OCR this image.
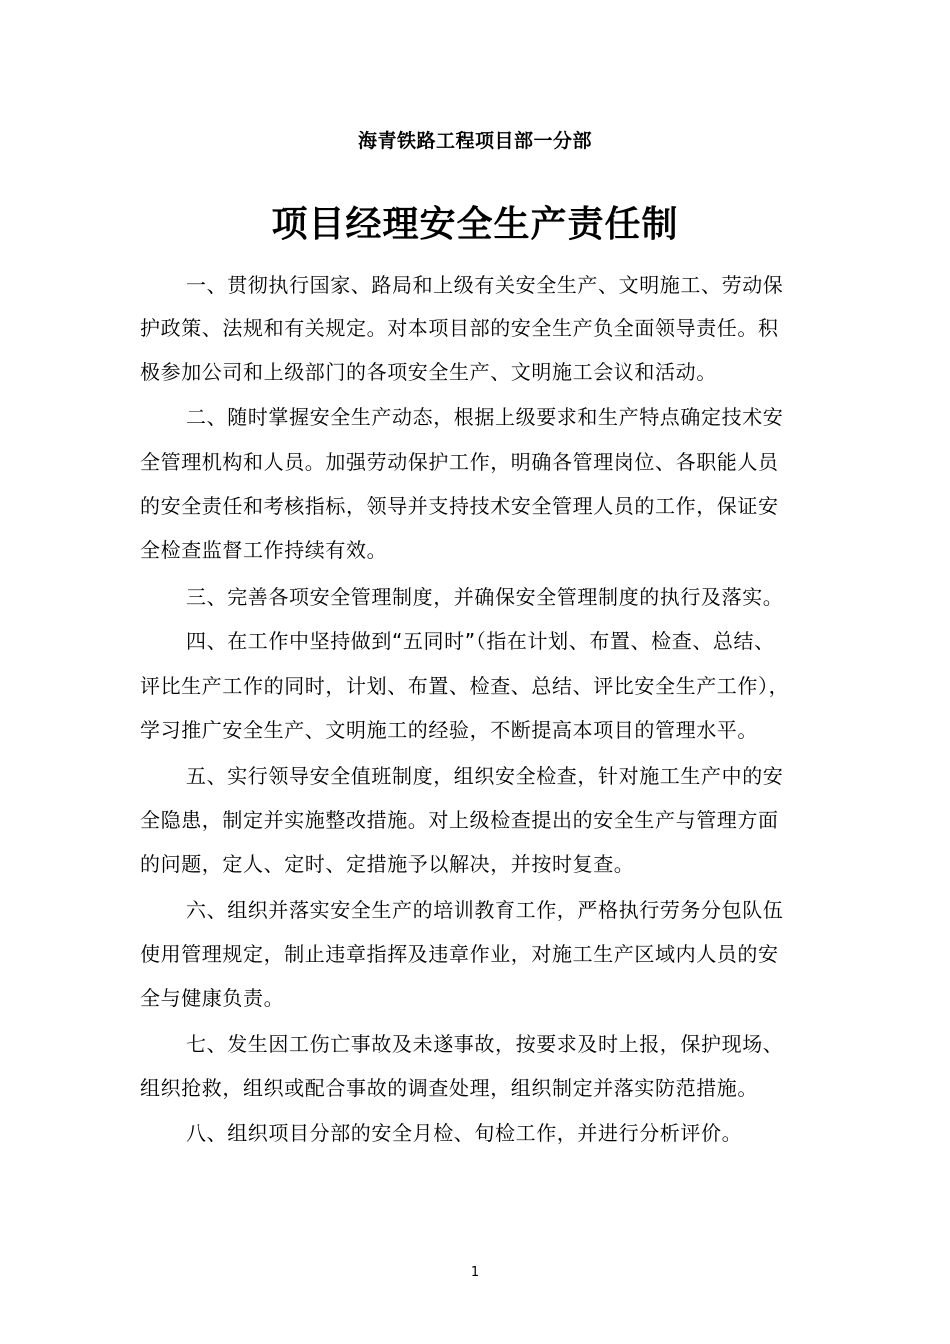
海青铁路工程项目部一分部
项目经理安全生产责任制
一、贯彻执行国家、路局和上级有关安全生产、文明施工、劳动保
护政策、法规和有关规定。对本项目部的安全生产负全面领导责任。积
极参加公司和上级部门的各项安全生产、文明施工会议和活动。
二、随时掌握安全生产动态，根据上级要求和生产特点确定技术安
全管理机构和人员。加强劳动保护工作，明确各管理岗位、各职能人员
的安全责任和考核指标，领导并支持技术安全管理人员的工作，保证安
全检查监督工作持续有效。
三、完善各项安全管理制度，并确保安全管理制度的执行及落实。
四、在工作中坚持做到“五同时”（指在计划、布置、检查、总结、
评比生产工作的同时，计划、布置、检查、总结、评比安全生产工作），
学习推广安全生产、文明施工的经验，不断提高本项目的管理水平。
五、实行领导安全值班制度，组织安全检查，针对施工生产中的安
全隐患，制定并实施整改措施。对上级检查提出的安全生产与管理方面
的问题，定人、定时、定措施予以解决，并按时复查。
六、组织并落实安全生产的培训教育工作，严格执行劳务分包队伍
使用管理规定，制止违章指挥及违章作业，对施工生产区域内人员的安
全与健康负责。
七、发生因工伤亡事故及未遂事故，按要求及时上报，保护现场、
组织抢救，组织或配合事故的调查处理，组织制定并落实防范措施。
八、组织项目分部的安全月检、旬检工作，并进行分析评价。
1
